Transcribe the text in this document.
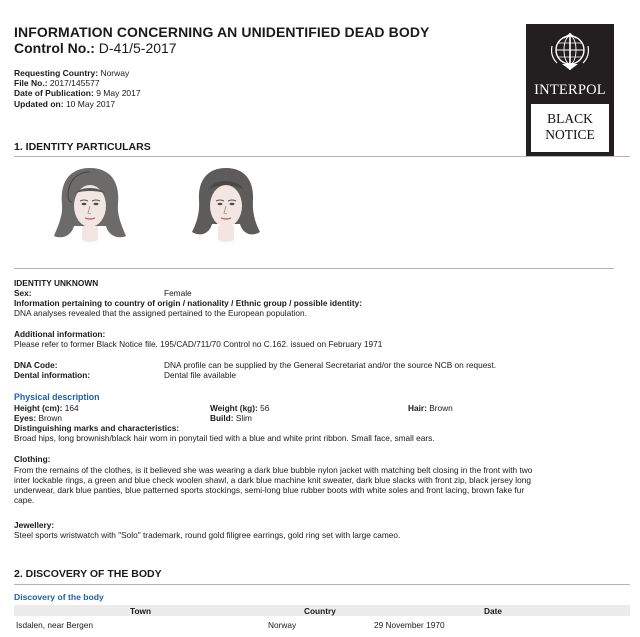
INFORMATION CONCERNING AN UNIDENTIFIED DEAD BODY
Control No.: D-41/5-2017
Requesting Country: Norway
File No.: 2017/145577
Date of Publication: 9 May 2017
Updated on: 10 May 2017
INTERPOL
BLACK
NOTICE
1. IDENTITY PARTICULARS
IDENTITY UNKNOWN
Sex:	Female
Information pertaining to country of origin / nationality / Ethnic group / possible identity:
DNA analyses revealed that the assigned pertained to the European population.
Additional information:
Please refer to former Black Notice file. 195/CAD/711/70 Control no C.162. issued on February 1971
DNA Code:	DNA profile can be supplied by the General Secretariat and/or the source NCB on request.
Dental information:	Dental file available
Physical description
Height (cm): 164	Weight (kg): 56	Hair: Brown
Eyes: Brown	Build: Slim
Distinguishing marks and characteristics:
Broad hips, long brownish/black hair worn in ponytail tied with a blue and white print ribbon. Small face, small ears.
Clothing:
From the remains of the clothes, is it believed she was wearing a dark blue bubble nylon jacket with matching belt closing in the front with two
inter lockable rings, a green and blue check woolen shawl, a dark blue machine knit sweater, dark blue slacks with front zip, black jersey long
underwear, dark blue panties, blue patterned sports stockings, semi-long blue rubber boots with white soles and front lacing, brown fake fur
cape.
Jewellery:
Steel sports wristwatch with "Solo" trademark, round gold filigree earrings, gold ring set with large cameo.
2. DISCOVERY OF THE BODY
Discovery of the body
Town	Country	Date
Isdalen, near Bergen	Norway	29 November 1970
